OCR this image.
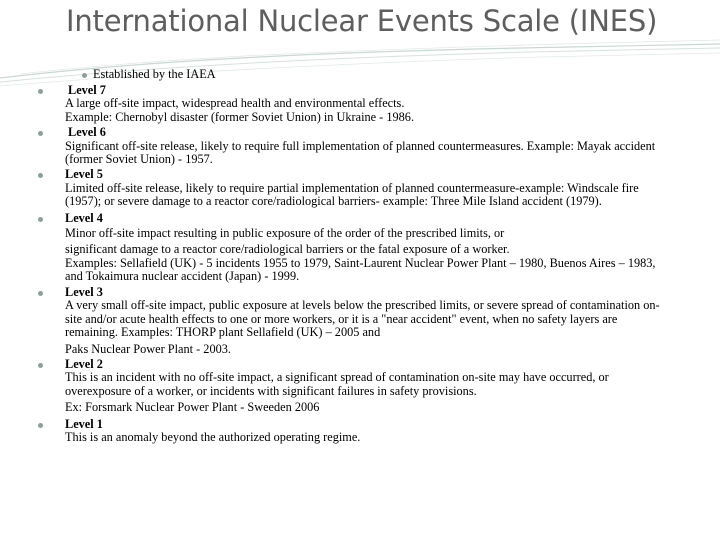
International Nuclear Events Scale (INES)
Established by the IAEA
Level 7
A large off-site impact, widespread health and environmental effects.
Example: Chernobyl disaster (former Soviet Union) in Ukraine - 1986.
Level 6
Significant off-site release, likely to require full implementation of planned countermeasures. Example: Mayak accident (former Soviet Union) - 1957.
Level 5
Limited off-site release, likely to require partial implementation of planned countermeasure-example: Windscale fire (1957); or severe damage to a reactor core/radiological barriers- example: Three Mile Island accident (1979).
Level 4
Minor off-site impact resulting in public exposure of the order of the prescribed limits, or
significant damage to a reactor core/radiological barriers or the fatal exposure of a worker.
Examples: Sellafield (UK) - 5 incidents 1955 to 1979, Saint-Laurent Nuclear Power Plant – 1980, Buenos Aires – 1983, and Tokaimura nuclear accident (Japan) - 1999.
Level 3
A very small off-site impact, public exposure at levels below the prescribed limits, or severe spread of contamination on-site and/or acute health effects to one or more workers, or it is a "near accident" event, when no safety layers are remaining. Examples: THORP plant Sellafield (UK) – 2005 and
Paks Nuclear Power Plant - 2003.
Level 2
This is an incident with no off-site impact, a significant spread of contamination on-site may have occurred, or overexposure of a worker, or incidents with significant failures in safety provisions.
Ex: Forsmark Nuclear Power Plant - Sweeden 2006
Level 1
This is an anomaly beyond the authorized operating regime.
